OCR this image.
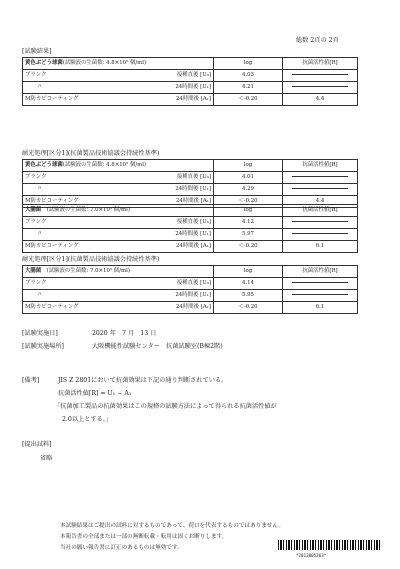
総数 2頁の 2頁
[試験結果]
黄色ぶどう球菌(試験液の生菌数: 4.8×10⁵ 個/ml)		log	抗菌活性値[R]
ブランク	接種直後 [U₀]	4.03	
〃	24時間後 [U₁]	4.21	
M防カビコーティング	24時間後 [A₁]	＜-0.20	4.4
耐光処理[区分1](抗菌製品技術協議会持続性基準)
黄色ぶどう球菌(試験液の生菌数: 4.8×10⁵ 個/ml)		log	抗菌活性値[R]
ブランク	接種直後 [U₀]	4.01	
〃	24時間後 [U₁]	4.29	
M防カビコーティング	24時間後 [A₁]	＜-0.20	4.4
大腸菌　 (試験液の生菌数: 7.0×10⁵ 個/ml)		log	抗菌活性値[R]
ブランク	接種直後 [U₀]	4.12	
〃	24時間後 [U₁]	5.97	
M防カビコーティング	24時間後 [A₁]	＜-0.20	6.1
耐光処理[区分1](抗菌製品技術協議会持続性基準)
大腸菌　 (試験液の生菌数: 7.0×10⁵ 個/ml)		log	抗菌活性値[R]
ブランク	接種直後 [U₀]	4.14	
〃	24時間後 [U₁]	5.95	
M防カビコーティング	24時間後 [A₁]	＜-0.20	6.1
[試験実施日]	2020 年　7 月　13 日
[試験実施場所]	大阪機能性試験センター　抗菌試験室(B棟2階)
[備考]	JIS Z 2801において抗菌効果は下記の通り判断されている。
抗菌活性値[R] = U₁ − A₁
「抗菌加工製品の抗菌効果はこの規格の試験方法によって得られる抗菌活性値が
2.0以上とする。」
[提出試料]
省略
本試験結果はご提出の試料に対するものであって、荷口を代表するものではありません。
本報告書の全部または一部の無断転載・転用は固くお断りします。
当社の願い報告書に訂正のあるものは無効です。
*2013005363*
